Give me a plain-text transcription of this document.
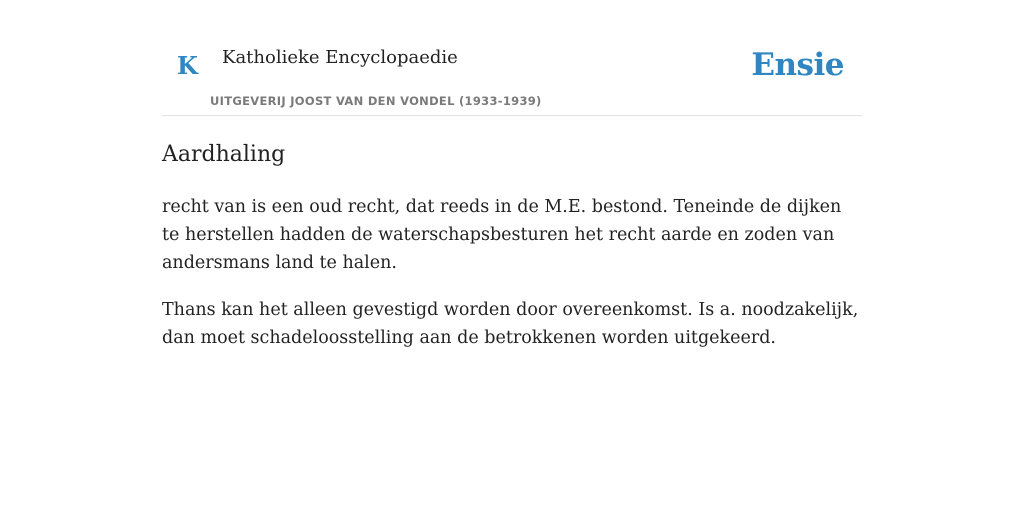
K Katholieke Encyclopaedie
UITGEVERIJ JOOST VAN DEN VONDEL (1933-1939)
Ensie
Aardhaling

recht van is een oud recht, dat reeds in de M.E. bestond. Teneinde de dijken te herstellen hadden de waterschapsbesturen het recht aarde en zoden van andersmans land te halen.

Thans kan het alleen gevestigd worden door overeenkomst. Is a. noodzakelijk, dan moet schadeloosstelling aan de betrokkenen worden uitgekeerd.
